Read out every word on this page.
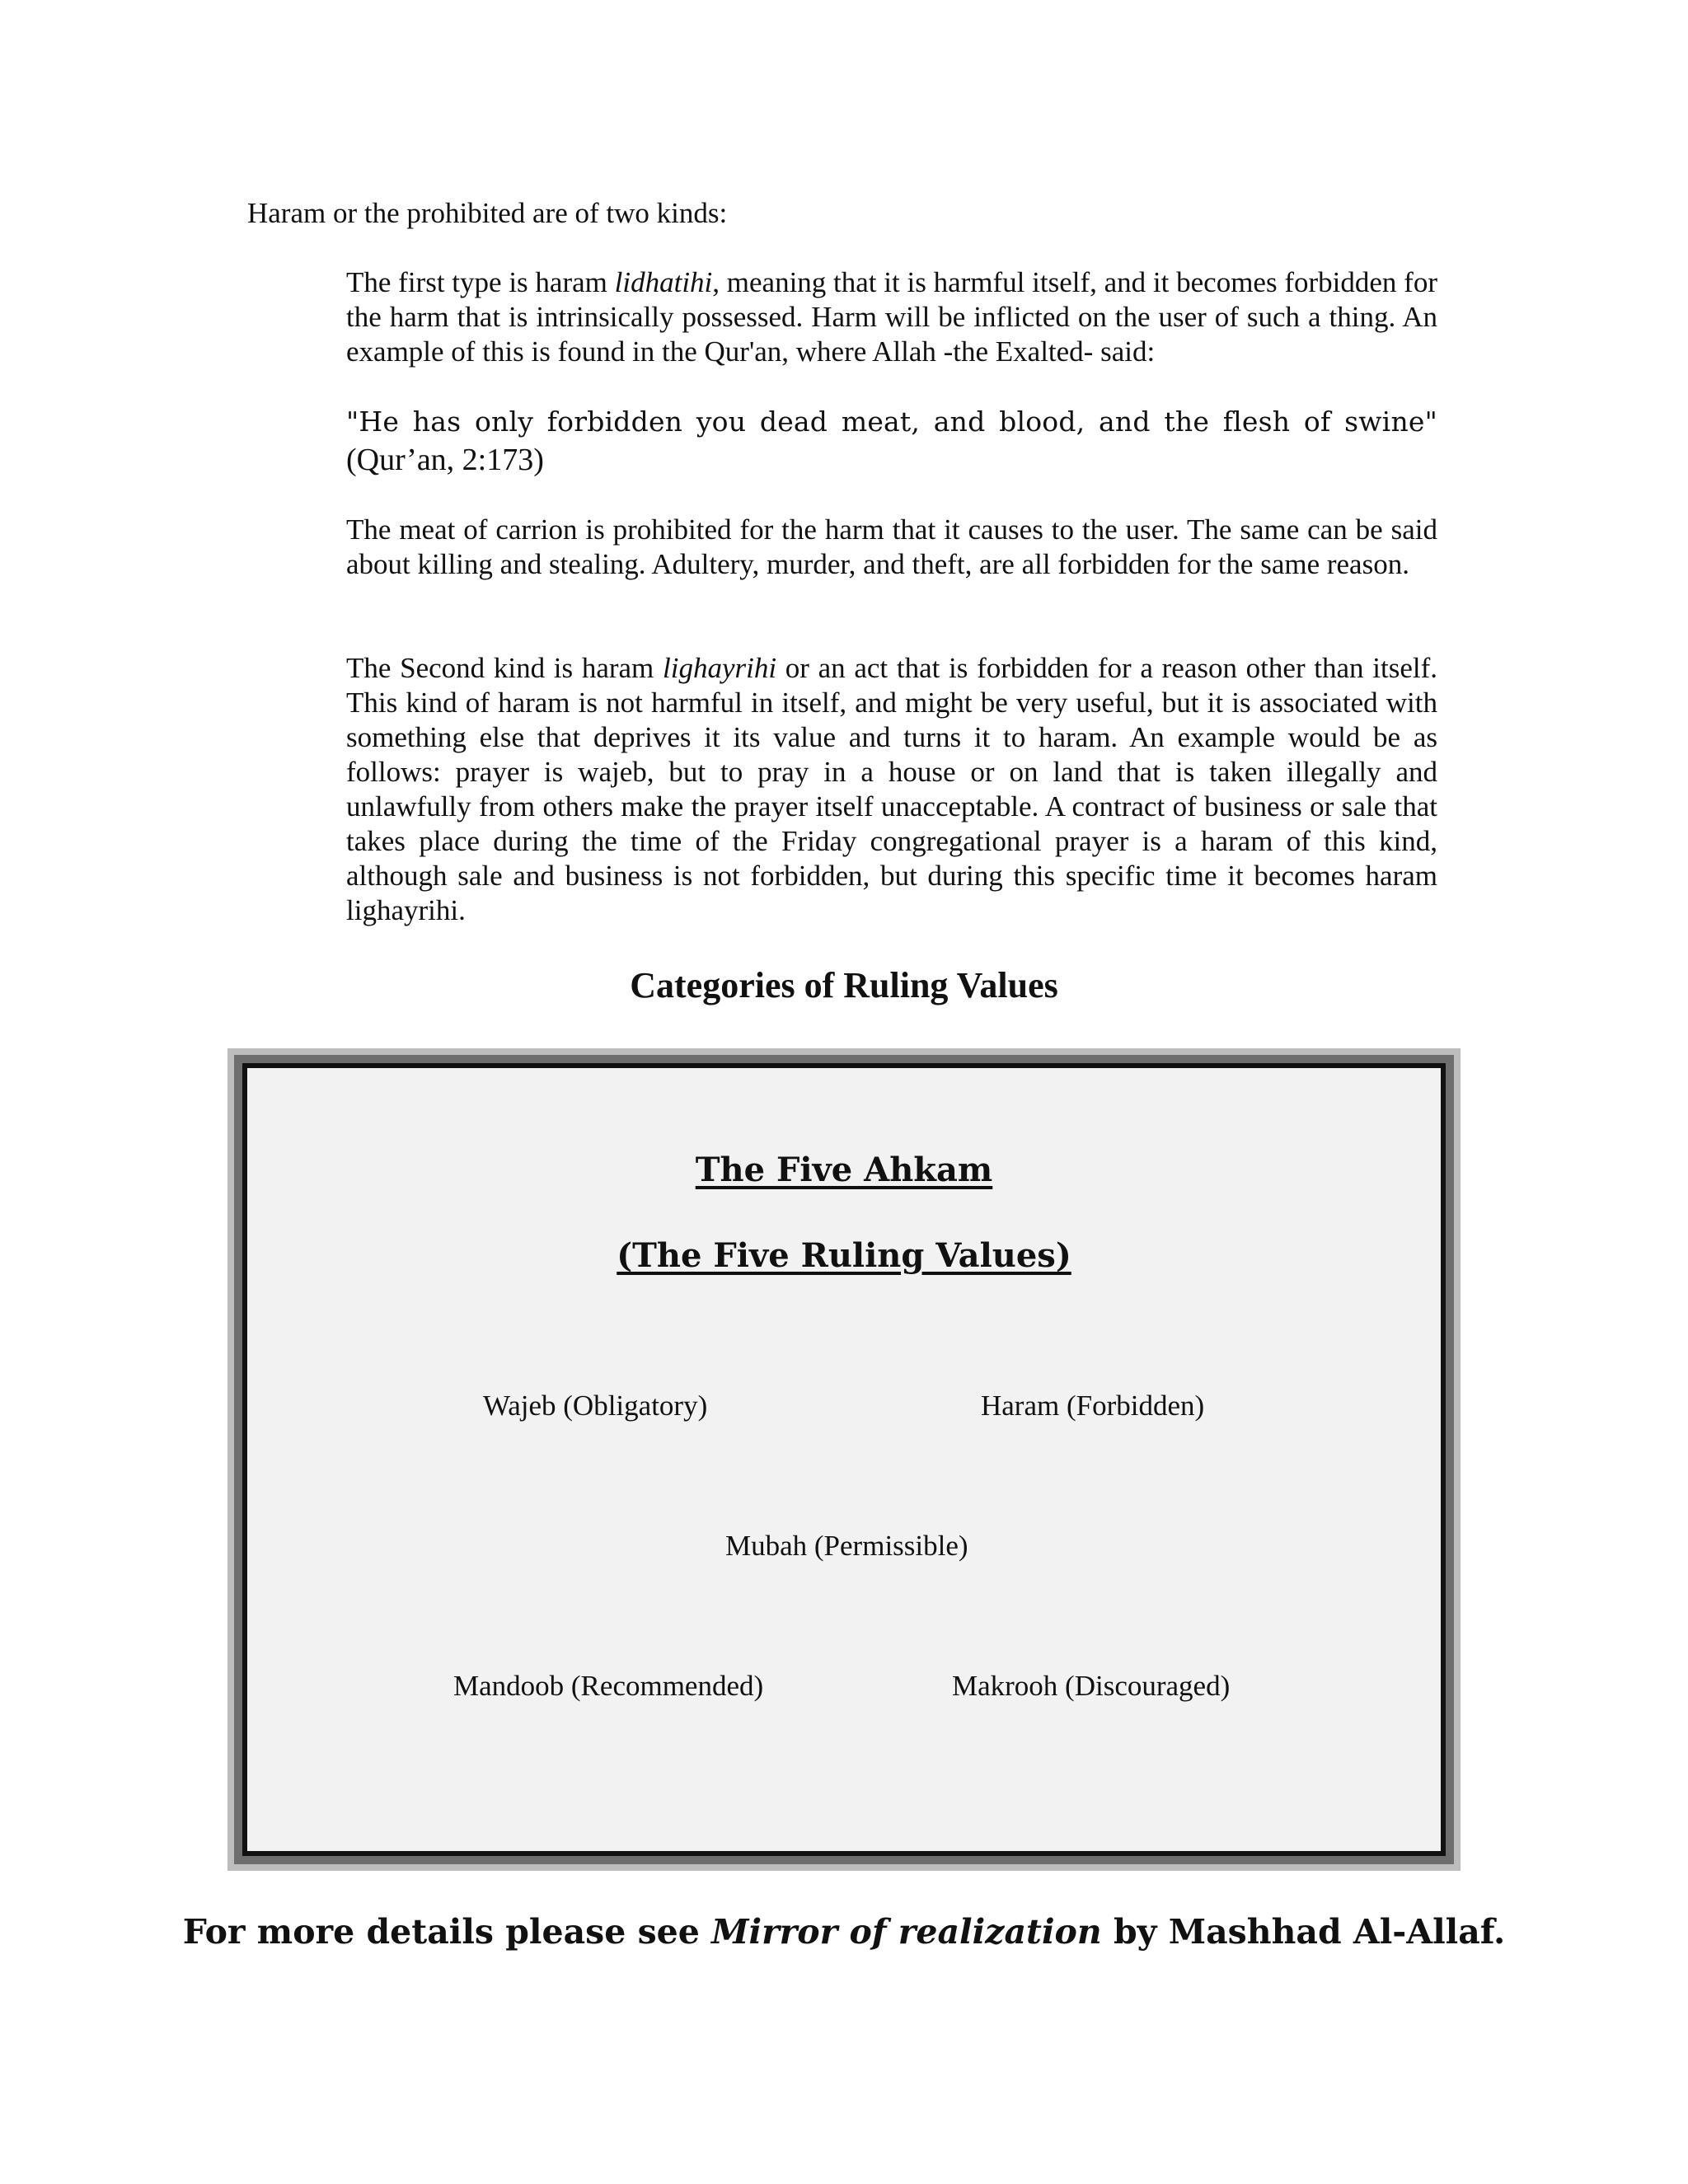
Haram or the prohibited are of two kinds:

The first type is haram lidhatihi, meaning that it is harmful itself, and it becomes forbidden for the harm that is intrinsically possessed. Harm will be inflicted on the user of such a thing. An example of this is found in the Qur'an, where Allah -the Exalted- said:

"He has only forbidden you dead meat, and blood, and the flesh of swine" (Qur’an, 2:173)

The meat of carrion is prohibited for the harm that it causes to the user. The same can be said about killing and stealing. Adultery, murder, and theft, are all forbidden for the same reason.

The Second kind is haram lighayrihi or an act that is forbidden for a reason other than itself. This kind of haram is not harmful in itself, and might be very useful, but it is associated with something else that deprives it its value and turns it to haram. An example would be as follows: prayer is wajeb, but to pray in a house or on land that is taken illegally and unlawfully from others make the prayer itself unacceptable. A contract of business or sale that takes place during the time of the Friday congregational prayer is a haram of this kind, although sale and business is not forbidden, but during this specific time it becomes haram lighayrihi.

Categories of Ruling Values

The Five Ahkam

(The Five Ruling Values)

Wajeb (Obligatory)	Haram (Forbidden)

Mubah (Permissible)

Mandoob (Recommended)	Makrooh (Discouraged)

For more details please see Mirror of realization by Mashhad Al-Allaf.
